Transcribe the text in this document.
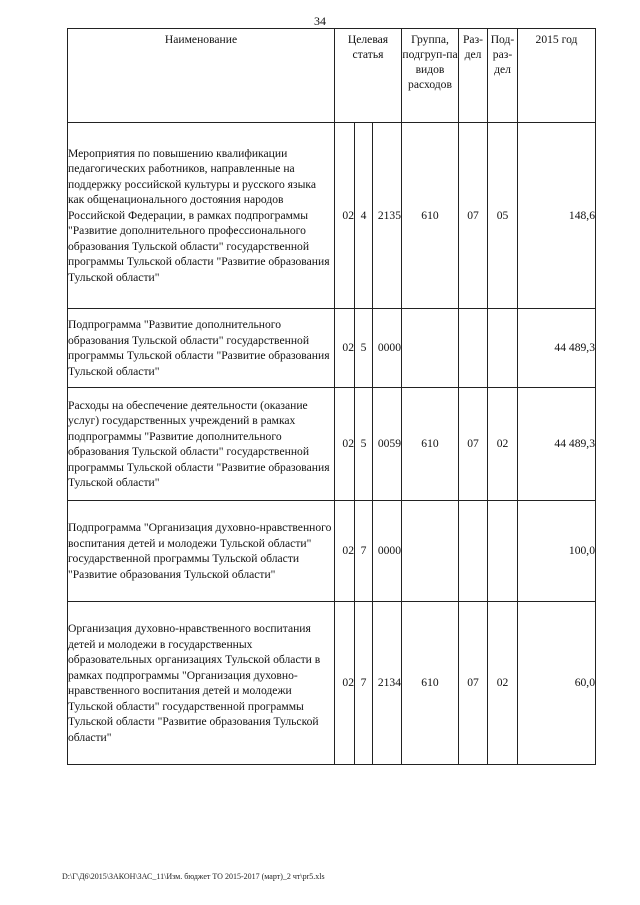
34
Наименование	Целевая статья			Группа, подгруп-па видов расходов	Раз-дел	Под-раз-дел	2015 год
Мероприятия по повышению квалификации педагогических работников, направленные на поддержку российской культуры и русского языка как общенационального достояния народов Российской Федерации, в рамках подпрограммы "Развитие дополнительного профессионального образования Тульской области" государственной программы Тульской области "Развитие образования Тульской области"	02	4	2135	610	07	05	148,6
Подпрограмма "Развитие дополнительного образования Тульской области" государственной программы Тульской области "Развитие образования Тульской области"	02	5	0000				44 489,3
Расходы на обеспечение деятельности (оказание услуг) государственных учреждений в рамках подпрограммы "Развитие дополнительного образования Тульской области" государственной программы Тульской области "Развитие образования Тульской области"	02	5	0059	610	07	02	44 489,3
Подпрограмма "Организация духовно-нравственного воспитания детей и молодежи Тульской области" государственной программы Тульской области "Развитие образования Тульской области"	02	7	0000				100,0
Организация духовно-нравственного воспитания детей и молодежи в государственных образовательных организациях Тульской области в рамках подпрограммы "Организация духовно-нравственного воспитания детей и молодежи Тульской области" государственной программы Тульской области "Развитие образования Тульской области"	02	7	2134	610	07	02	60,0
D:\Г\Д6\2015\ЗАКОН\ЗАС_11\Изм. бюджет ТО 2015-2017 (март)_2 чт\pr5.xls
